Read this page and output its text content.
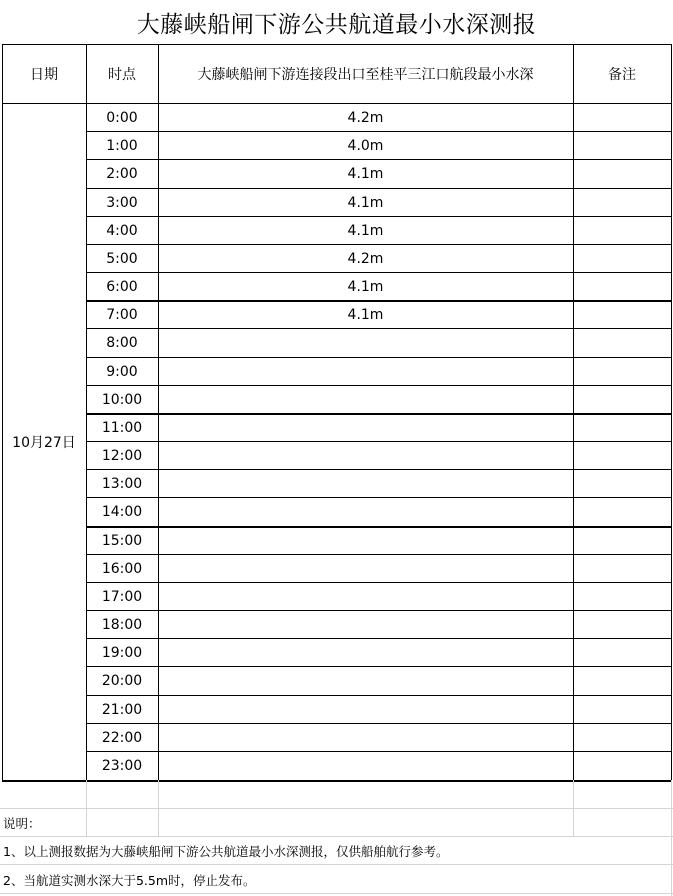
大藤峡船闸下游公共航道最小水深测报
日期	时点	大藤峡船闸下游连接段出口至桂平三江口航段最小水深	备注
10月27日
0:00	4.2m
1:00	4.0m
2:00	4.1m
3:00	4.1m
4:00	4.1m
5:00	4.2m
6:00	4.1m
7:00	4.1m
8:00
9:00
10:00
11:00
12:00
13:00
14:00
15:00
16:00
17:00
18:00
19:00
20:00
21:00
22:00
23:00
说明：
1、以上测报数据为大藤峡船闸下游公共航道最小水深测报，仅供船舶航行参考。
2、当航道实测水深大于5.5m时，停止发布。
